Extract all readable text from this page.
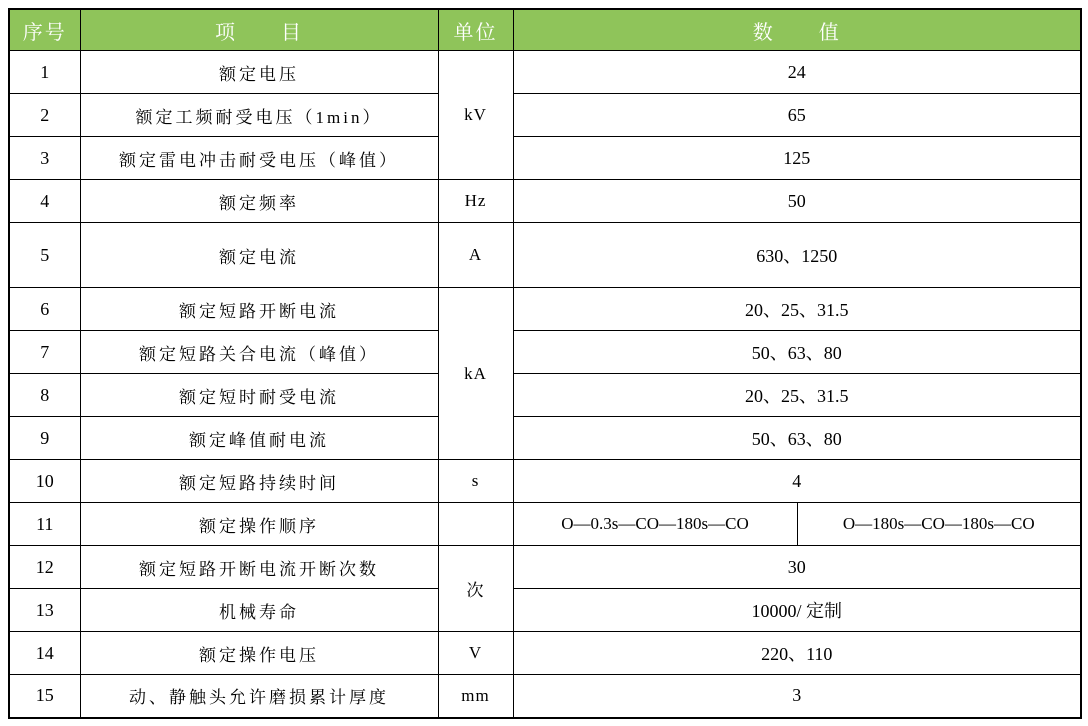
序号	项　　目	单位	数　　值	
1	额定电压	kV	24	
2	额定工频耐受电压（1min）		65	
3	额定雷电冲击耐受电压（峰值）		125	
4	额定频率	Hz	50	
5	额定电流	A	630、1250	
6	额定短路开断电流	kA	20、25、31.5	
7	额定短路关合电流（峰值）		50、63、80	
8	额定短时耐受电流		20、25、31.5	
9	额定峰值耐电流		50、63、80	
10	额定短路持续时间	s	4	
11	额定操作顺序		O—0.3s—CO—180s—CO	O—180s—CO—180s—CO
12	额定短路开断电流开断次数	次	30	
13	机械寿命		10000/ 定制	
14	额定操作电压	V	220、110	
15	动、静触头允许磨损累计厚度	mm	3	
